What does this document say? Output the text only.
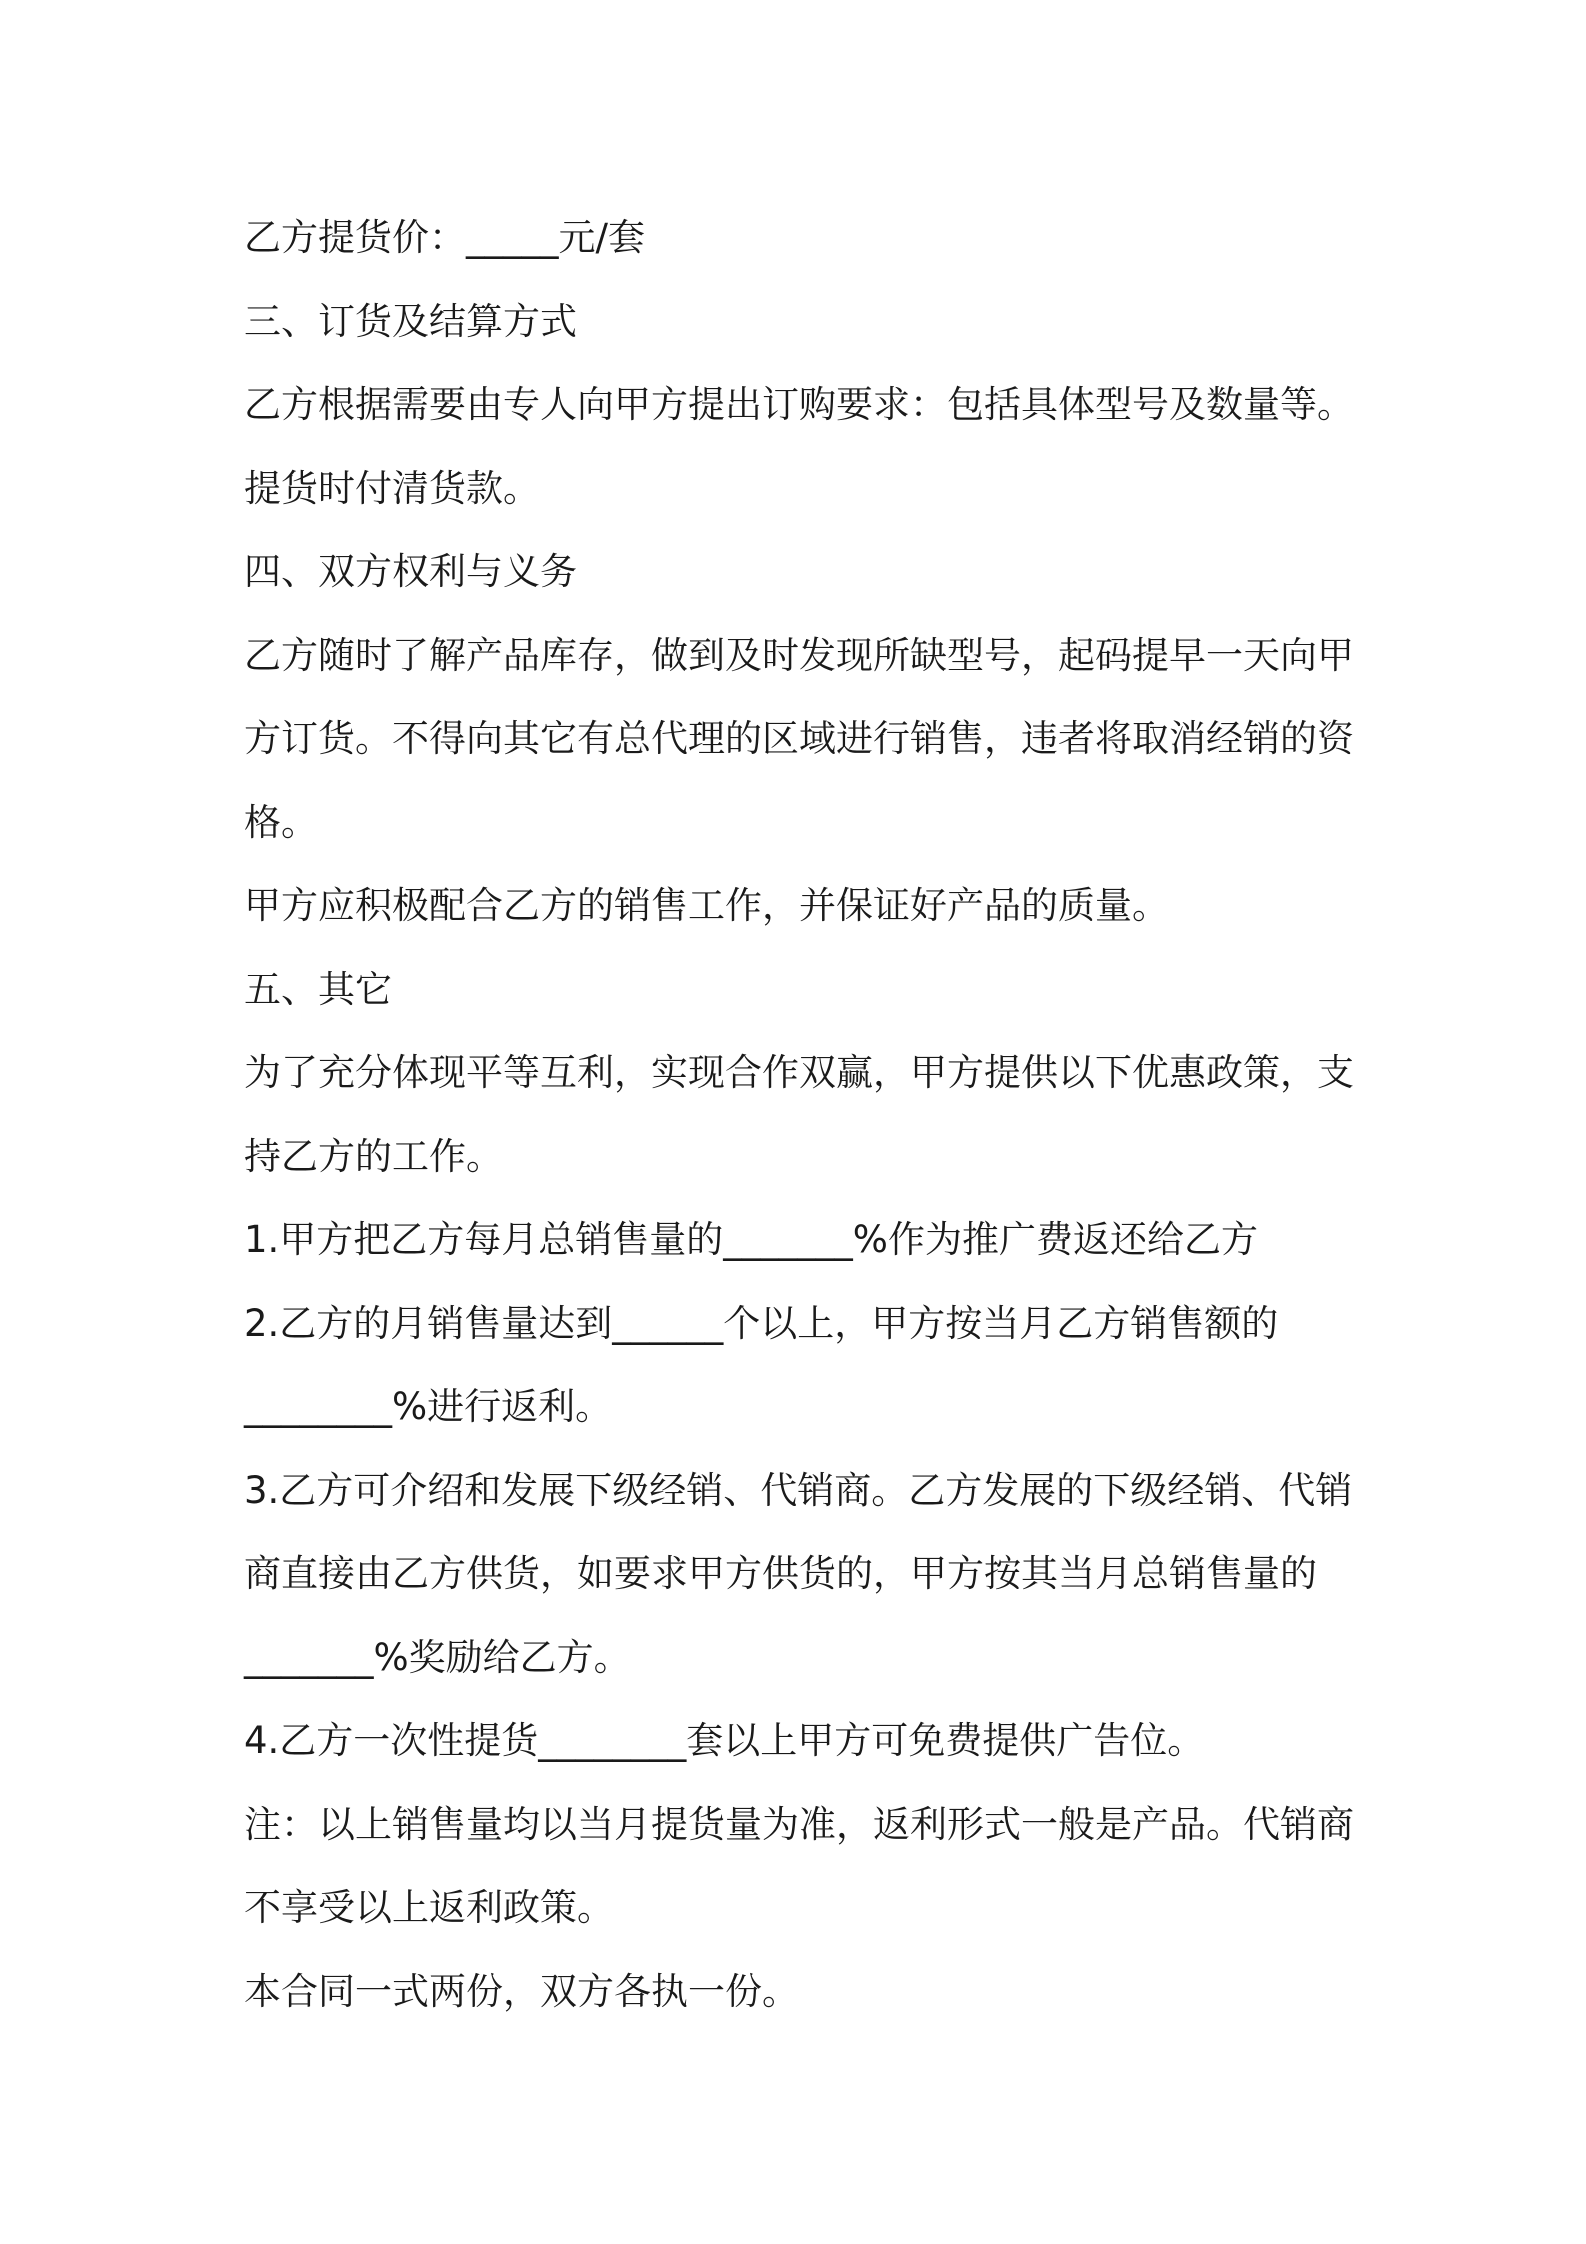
乙方提货价：_____元/套
三、订货及结算方式
乙方根据需要由专人向甲方提出订购要求：包括具体型号及数量等。
提货时付清货款。
四、双方权利与义务
乙方随时了解产品库存，做到及时发现所缺型号，起码提早一天向甲
方订货。不得向其它有总代理的区域进行销售，违者将取消经销的资
格。
甲方应积极配合乙方的销售工作，并保证好产品的质量。
五、其它
为了充分体现平等互利，实现合作双赢，甲方提供以下优惠政策，支
持乙方的工作。
1.甲方把乙方每月总销售量的_______%作为推广费返还给乙方
2.乙方的月销售量达到______个以上，甲方按当月乙方销售额的
________%进行返利。
3.乙方可介绍和发展下级经销、代销商。乙方发展的下级经销、代销
商直接由乙方供货，如要求甲方供货的，甲方按其当月总销售量的
_______%奖励给乙方。
4.乙方一次性提货________套以上甲方可免费提供广告位。
注：以上销售量均以当月提货量为准，返利形式一般是产品。代销商
不享受以上返利政策。
本合同一式两份，双方各执一份。
